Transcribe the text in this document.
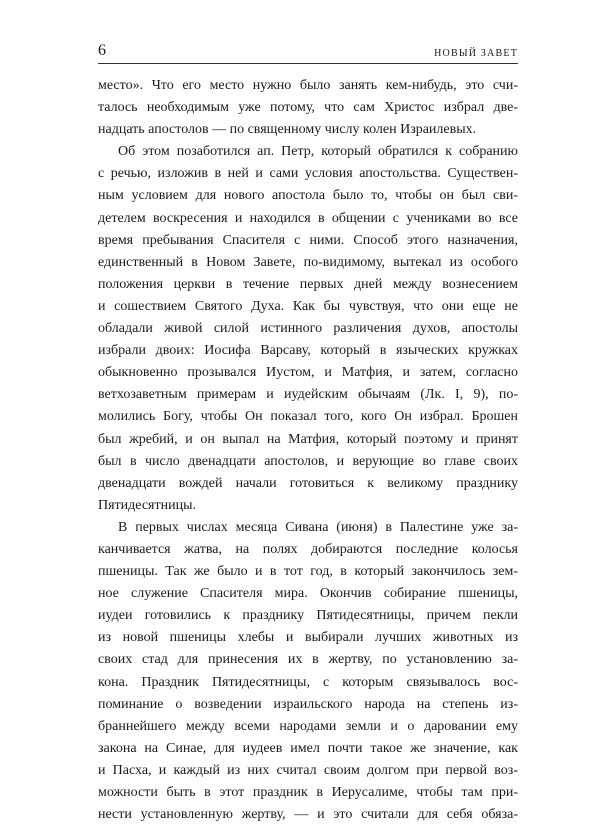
6	НОВЫЙ ЗАВЕТ
место». Что его место нужно было занять кем-нибудь, это счи-
талось необходимым уже потому, что сам Христос избрал две-
надцать апостолов — по священному числу колен Израилевых.
Об этом позаботился ап. Петр, который обратился к собранию
с речью, изложив в ней и сами условия апостольства. Существен-
ным условием для нового апостола было то, чтобы он был сви-
детелем воскресения и находился в общении с учениками во все
время пребывания Спасителя с ними. Способ этого назначения,
единственный в Новом Завете, по-видимому, вытекал из особого
положения церкви в течение первых дней между вознесением
и сошествием Святого Духа. Как бы чувствуя, что они еще не
обладали живой силой истинного различения духов, апостолы
избрали двоих: Иосифа Варсаву, который в языческих кружках
обыкновенно прозывался Иустом, и Матфия, и затем, согласно
ветхозаветным примерам и иудейским обычаям (Лк. I, 9), по-
молились Богу, чтобы Он показал того, кого Он избрал. Брошен
был жребий, и он выпал на Матфия, который поэтому и принят
был в число двенадцати апостолов, и верующие во главе своих
двенадцати вождей начали готовиться к великому празднику
Пятидесятницы.
В первых числах месяца Сивана (июня) в Палестине уже за-
канчивается жатва, на полях добираются последние колосья
пшеницы. Так же было и в тот год, в который закончилось зем-
ное служение Спасителя мира. Окончив собирание пшеницы,
иудеи готовились к празднику Пятидесятницы, причем пекли
из новой пшеницы хлебы и выбирали лучших животных из
своих стад для принесения их в жертву, по установлению за-
кона. Праздник Пятидесятницы, с которым связывалось вос-
поминание о возведении израильского народа на степень из-
браннейшего между всеми народами земли и о даровании ему
закона на Синае, для иудеев имел почти такое же значение, как
и Пасха, и каждый из них считал своим долгом при первой воз-
можности быть в этот праздник в Иерусалиме, чтобы там при-
нести установленную жертву, — и это считали для себя обяза-
